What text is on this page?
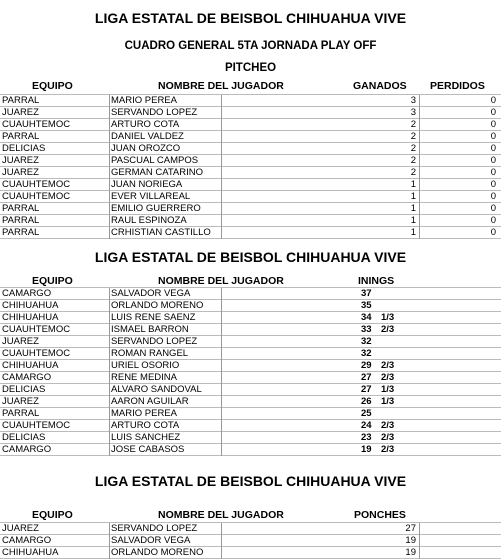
LIGA ESTATAL DE BEISBOL CHIHUAHUA VIVE
CUADRO GENERAL 5TA JORNADA PLAY OFF
PITCHEO
EQUIPO	NOMBRE DEL JUGADOR	GANADOS PERDIDOS
PARRAL	MARIO PEREA	3	0
JUAREZ	SERVANDO LOPEZ	3	0
CUAUHTEMOC	ARTURO COTA	2	0
PARRAL	DANIEL VALDEZ	2	0
DELICIAS	JUAN OROZCO	2	0
JUAREZ	PASCUAL CAMPOS	2	0
JUAREZ	GERMAN CATARINO	2	0
CUAUHTEMOC	JUAN NORIEGA	1	0
CUAUHTEMOC	EVER VILLAREAL	1	0
PARRAL	EMILIO GUERRERO	1	0
PARRAL	RAUL ESPINOZA	1	0
PARRAL	CRHISTIAN CASTILLO	1	0
LIGA ESTATAL DE BEISBOL CHIHUAHUA VIVE
EQUIPO	NOMBRE DEL JUGADOR	ININGS
CAMARGO	SALVADOR VEGA	37
CHIHUAHUA	ORLANDO MORENO	35
CHIHUAHUA	LUIS RENE SAENZ	34 1/3
CUAUHTEMOC	ISMAEL BARRON	33 2/3
JUAREZ	SERVANDO LOPEZ	32
CUAUHTEMOC	ROMAN RANGEL	32
CHIHUAHUA	URIEL OSORIO	29 2/3
CAMARGO	RENE MEDINA	27 2/3
DELICIAS	ALVARO SANDOVAL	27 1/3
JUAREZ	AARON AGUILAR	26 1/3
PARRAL	MARIO PEREA	25
CUAUHTEMOC	ARTURO COTA	24 2/3
DELICIAS	LUIS SANCHEZ	23 2/3
CAMARGO	JOSE CABASOS	19 2/3
LIGA ESTATAL DE BEISBOL CHIHUAHUA VIVE
EQUIPO	NOMBRE DEL JUGADOR	PONCHES
JUAREZ	SERVANDO LOPEZ	27
CAMARGO	SALVADOR VEGA	19
CHIHUAHUA	ORLANDO MORENO	19
